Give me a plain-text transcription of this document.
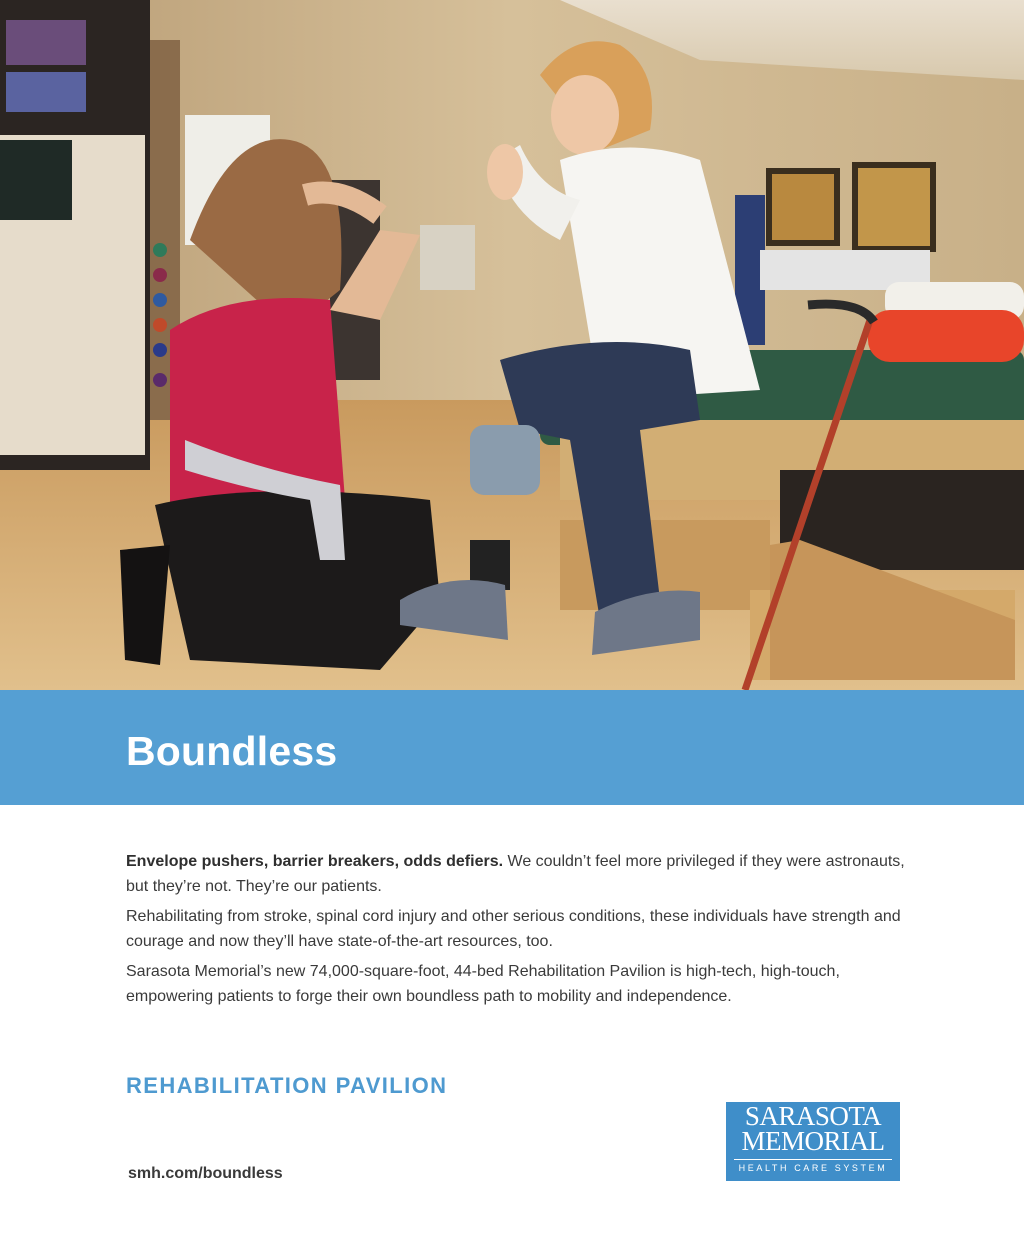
Boundless

Envelope pushers, barrier breakers, odds defiers. We couldn’t feel more privileged if they were astronauts, but they’re not. They’re our patients.

Rehabilitating from stroke, spinal cord injury and other serious conditions, these individuals have strength and courage and now they’ll have state-of-the-art resources, too.

Sarasota Memorial’s new 74,000-square-foot, 44-bed Rehabilitation Pavilion is high-tech, high-touch, empowering patients to forge their own boundless path to mobility and independence.

REHABILITATION PAVILION
smh.com/boundless
SARASOTA
MEMORIAL
HEALTH CARE SYSTEM
